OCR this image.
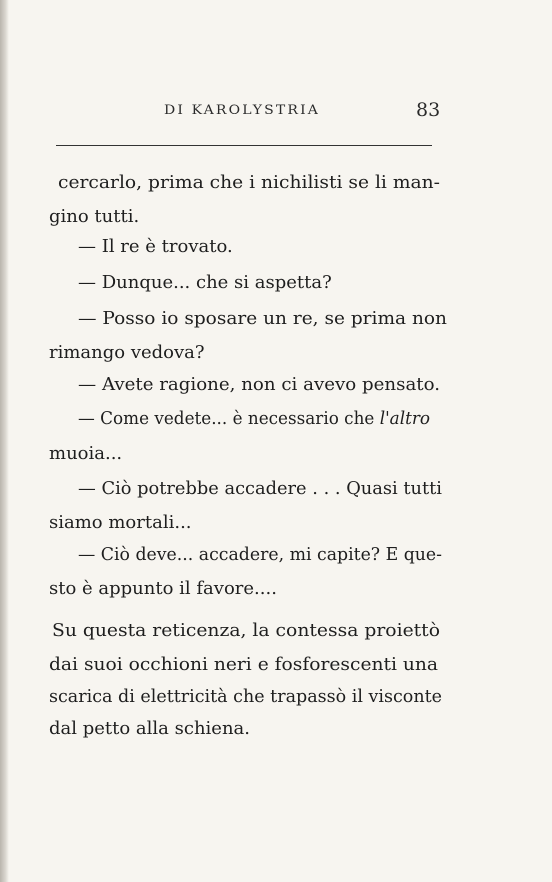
DI KAROLYSTRIA	83
cercarlo, prima che i nichilisti se li man-
gino tutti.
— Il re è trovato.
— Dunque... che si aspetta?
— Posso io sposare un re, se prima non
rimango vedova?
— Avete ragione, non ci avevo pensato.
— Come vedete... è necessario che l'altro
muoia...
— Ciò potrebbe accadere . . . Quasi tutti
siamo mortali...
— Ciò deve... accadere, mi capite? E que-
sto è appunto il favore....
Su questa reticenza, la contessa proiettò
dai suoi occhioni neri e fosforescenti una
scarica di elettricità che trapassò il visconte
dal petto alla schiena.
